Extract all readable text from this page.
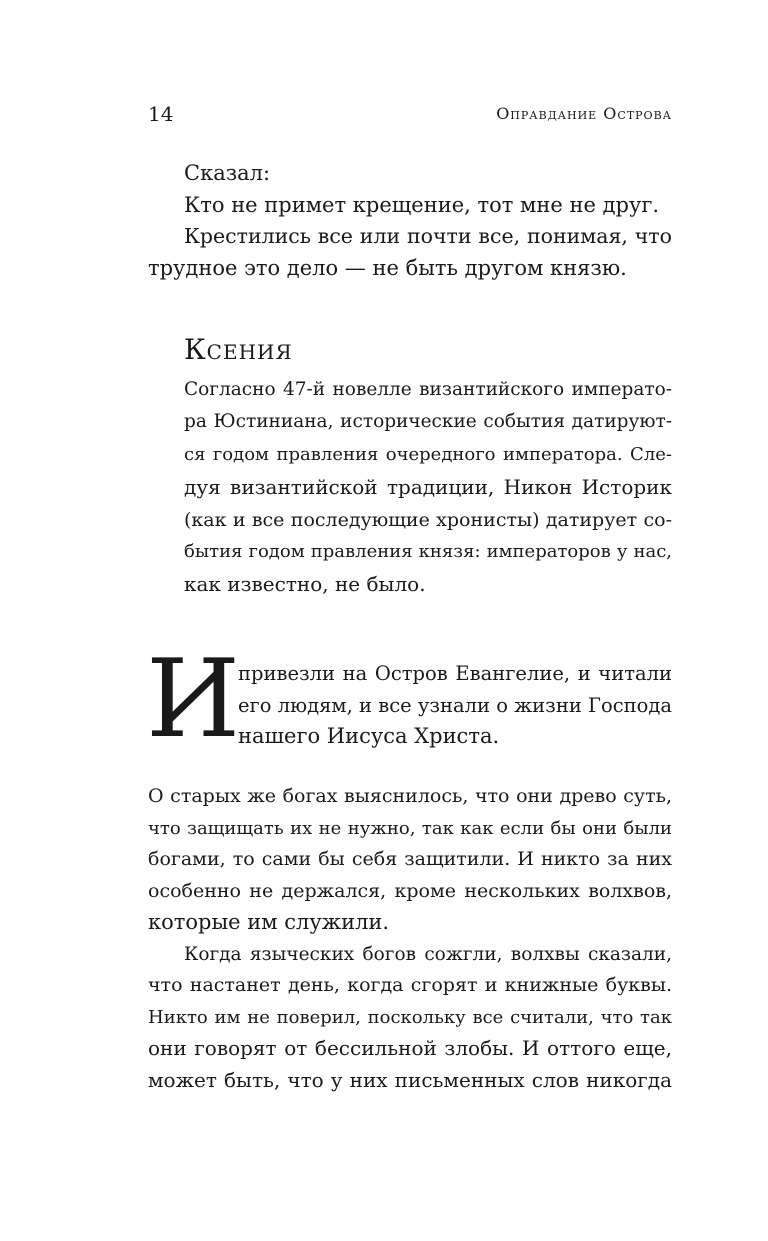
14	Оправдание Острова
Сказал:
Кто не примет крещение, тот мне не друг.
Крестились все или почти все, понимая, что
трудное это дело — не быть другом князю.
Ксения
Согласно 47-й новелле византийского императо-
ра Юстиниана, исторические события датируют-
ся годом правления очередного императора. Сле-
дуя византийской традиции, Никон Историк
(как и все последующие хронисты) датирует со-
бытия годом правления князя: императоров у нас,
как известно, не было.
И
привезли на Остров Евангелие, и читали
его людям, и все узнали о жизни Господа
нашего Иисуса Христа.
О старых же богах выяснилось, что они древо суть,
что защищать их не нужно, так как если бы они были
богами, то сами бы себя защитили. И никто за них
особенно не держался, кроме нескольких волхвов,
которые им служили.
Когда языческих богов сожгли, волхвы сказали,
что настанет день, когда сгорят и книжные буквы.
Никто им не поверил, поскольку все считали, что так
они говорят от бессильной злобы. И оттого еще,
может быть, что у них письменных слов никогда
